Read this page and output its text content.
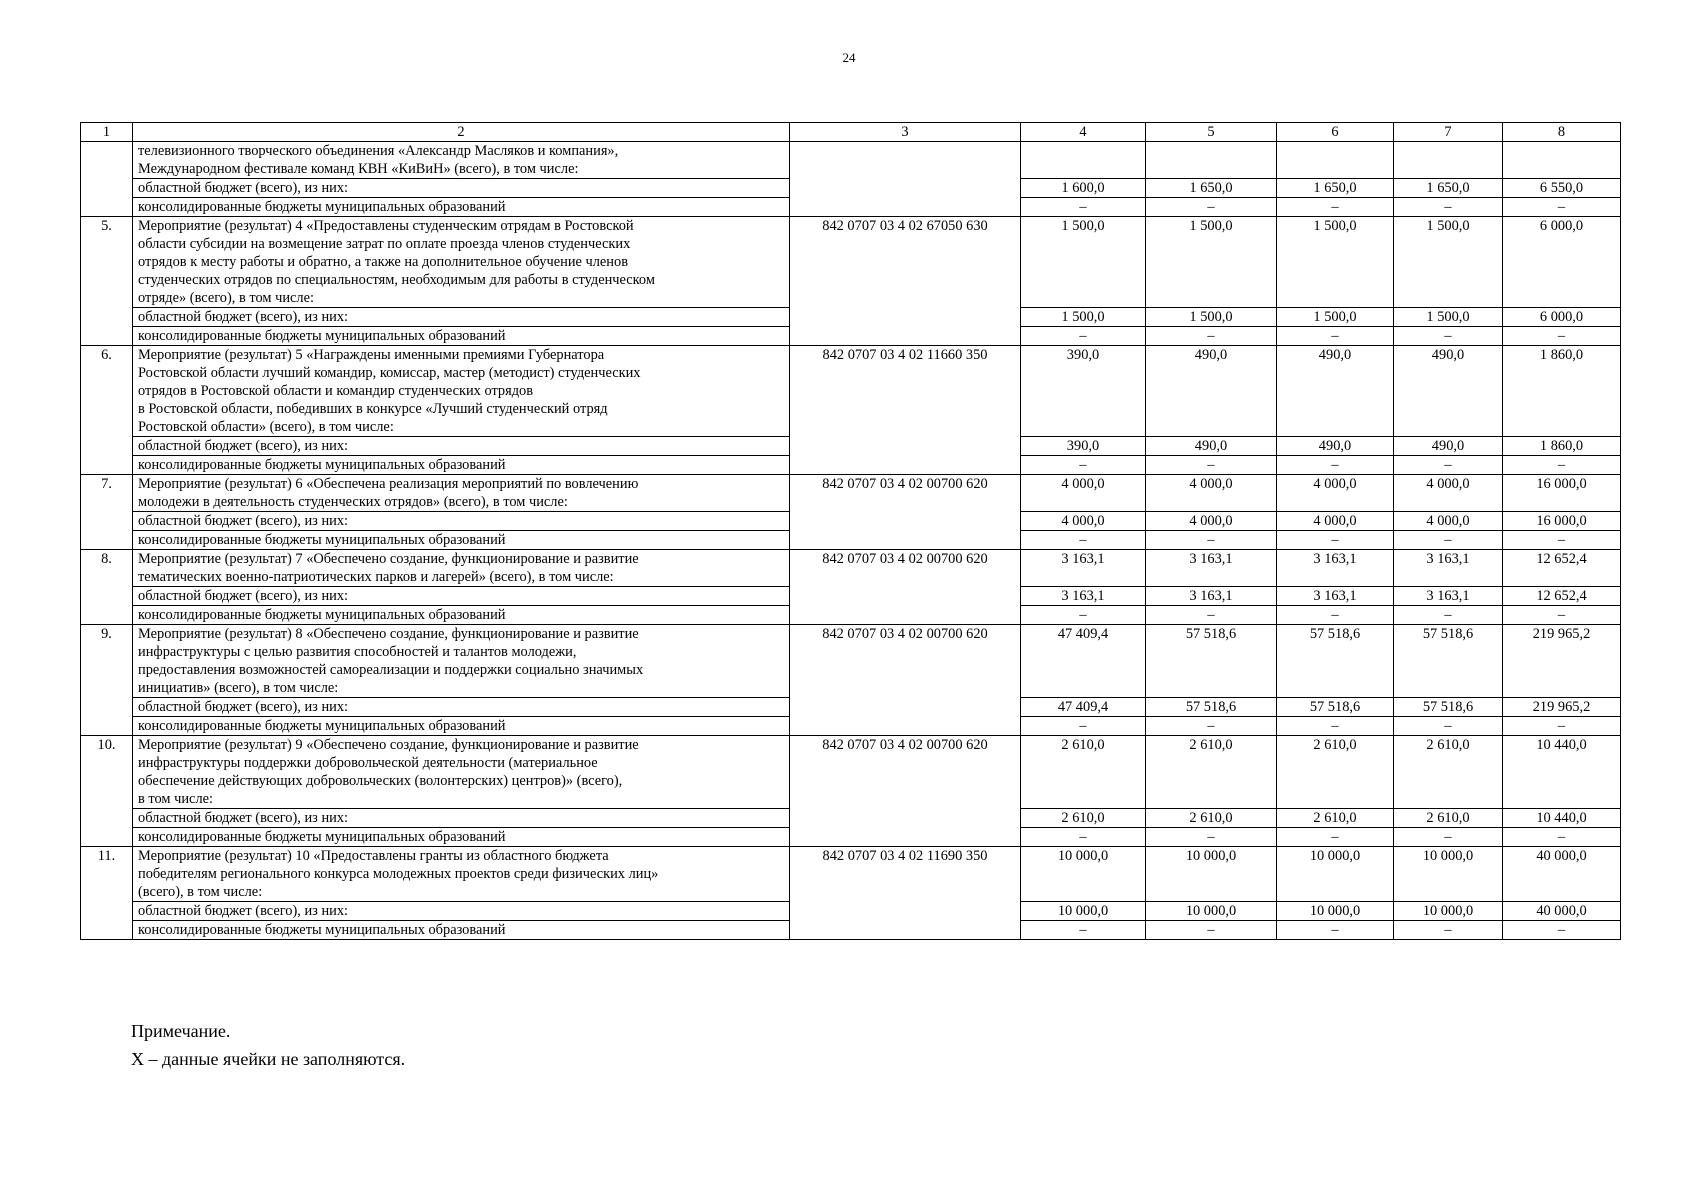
24
1	2	3	4	5	6	7	8

	телевизионного творческого объединения «Александр Масляков и компания»,
Международном фестивале команд КВН «КиВиН» (всего), в том числе:						

	областной бюджет (всего), из них:		1 600,0	1 650,0	1 650,0	1 650,0	6 550,0
	консолидированные бюджеты муниципальных образований		–	–	–	–	–
5.	Мероприятие (результат) 4 «Предоставлены студенческим отрядам в Ростовской
области субсидии на возмещение затрат по оплате проезда членов студенческих
отрядов к месту работы и обратно, а также на дополнительное обучение членов
студенческих отрядов по специальностям, необходимым для работы в студенческом
отряде» (всего), в том числе:	842 0707 03 4 02 67050 630	1 500,0	1 500,0	1 500,0	1 500,0	6 000,0
	областной бюджет (всего), из них:		1 500,0	1 500,0	1 500,0	1 500,0	6 000,0
	консолидированные бюджеты муниципальных образований		–	–	–	–	–
6.	Мероприятие (результат) 5 «Награждены именными премиями Губернатора
Ростовской области лучший командир, комиссар, мастер (методист) студенческих
отрядов в Ростовской области и командир студенческих отрядов
в Ростовской области, победивших в конкурсе «Лучший студенческий отряд
Ростовской области» (всего), в том числе:	842 0707 03 4 02 11660 350	390,0	490,0	490,0	490,0	1 860,0
	областной бюджет (всего), из них:		390,0	490,0	490,0	490,0	1 860,0
	консолидированные бюджеты муниципальных образований		–	–	–	–	–
7.	Мероприятие (результат) 6 «Обеспечена реализация мероприятий по вовлечению
молодежи в деятельность студенческих отрядов» (всего), в том числе:	842 0707 03 4 02 00700 620	4 000,0	4 000,0	4 000,0	4 000,0	16 000,0
	областной бюджет (всего), из них:		4 000,0	4 000,0	4 000,0	4 000,0	16 000,0
	консолидированные бюджеты муниципальных образований		–	–	–	–	–
8.	Мероприятие (результат) 7 «Обеспечено создание, функционирование и развитие
тематических военно-патриотических парков и лагерей» (всего), в том числе:	842 0707 03 4 02 00700 620	3 163,1	3 163,1	3 163,1	3 163,1	12 652,4
	областной бюджет (всего), из них:		3 163,1	3 163,1	3 163,1	3 163,1	12 652,4
	консолидированные бюджеты муниципальных образований		–	–	–	–	–
9.	Мероприятие (результат) 8 «Обеспечено создание, функционирование и развитие
инфраструктуры с целью развития способностей и талантов молодежи,
предоставления возможностей самореализации и поддержки социально значимых
инициатив» (всего), в том числе:	842 0707 03 4 02 00700 620	47 409,4	57 518,6	57 518,6	57 518,6	219 965,2
	областной бюджет (всего), из них:		47 409,4	57 518,6	57 518,6	57 518,6	219 965,2
	консолидированные бюджеты муниципальных образований		–	–	–	–	–
10.	Мероприятие (результат) 9 «Обеспечено создание, функционирование и развитие
инфраструктуры поддержки добровольческой деятельности (материальное
обеспечение действующих добровольческих (волонтерских) центров)» (всего),
в том числе:	842 0707 03 4 02 00700 620	2 610,0	2 610,0	2 610,0	2 610,0	10 440,0
	областной бюджет (всего), из них:		2 610,0	2 610,0	2 610,0	2 610,0	10 440,0
	консолидированные бюджеты муниципальных образований		–	–	–	–	–
11.	Мероприятие (результат) 10 «Предоставлены гранты из областного бюджета
победителям регионального конкурса молодежных проектов среди физических лиц»
(всего), в том числе:	842 0707 03 4 02 11690 350	10 000,0	10 000,0	10 000,0	10 000,0	40 000,0
	областной бюджет (всего), из них:		10 000,0	10 000,0	10 000,0	10 000,0	40 000,0
	консолидированные бюджеты муниципальных образований		–	–	–	–	–
Примечание.
Х – данные ячейки не заполняются.
